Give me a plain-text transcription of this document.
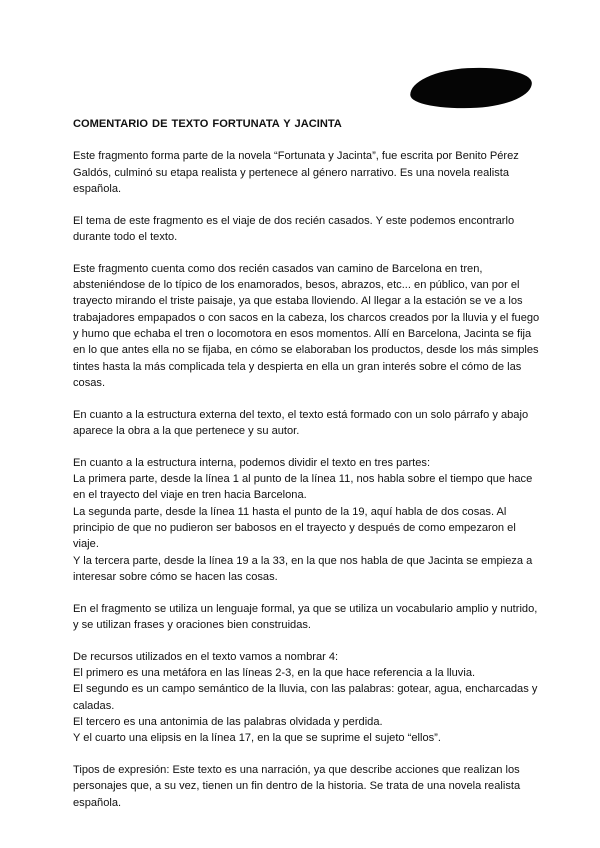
COMENTARIO DE TEXTO FORTUNATA Y JACINTA

Este fragmento forma parte de la novela “Fortunata y Jacinta”, fue escrita por Benito Pérez Galdós, culminó su etapa realista y pertenece al género narrativo. Es una novela realista española.

El tema de este fragmento es el viaje de dos recién casados. Y este podemos encontrarlo durante todo el texto.

Este fragmento cuenta como dos recién casados van camino de Barcelona en tren, absteniéndose de lo típico de los enamorados, besos, abrazos, etc... en público, van por el trayecto mirando el triste paisaje, ya que estaba lloviendo. Al llegar a la estación se ve a los trabajadores empapados o con sacos en la cabeza, los charcos creados por la lluvia y el fuego y humo que echaba el tren o locomotora en esos momentos. Allí en Barcelona, Jacinta se fija en lo que antes ella no se fijaba, en cómo se elaboraban los productos, desde los más simples tintes hasta la más complicada tela y despierta en ella un gran interés sobre el cómo de las cosas.

En cuanto a la estructura externa del texto, el texto está formado con un solo párrafo y abajo aparece la obra a la que pertenece y su autor.

En cuanto a la estructura interna, podemos dividir el texto en tres partes:

La primera parte, desde la línea 1 al punto de la línea 11, nos habla sobre el tiempo que hace en el trayecto del viaje en tren hacia Barcelona.

La segunda parte, desde la línea 11 hasta el punto de la 19, aquí habla de dos cosas. Al principio de que no pudieron ser babosos en el trayecto y después de como empezaron el viaje.

Y la tercera parte, desde la línea 19 a la 33, en la que nos habla de que Jacinta se empieza a interesar sobre cómo se hacen las cosas.

En el fragmento se utiliza un lenguaje formal, ya que se utiliza un vocabulario amplio y nutrido, y se utilizan frases y oraciones bien construidas.

De recursos utilizados en el texto vamos a nombrar 4:

El primero es una metáfora en las líneas 2-3, en la que hace referencia a la lluvia.

El segundo es un campo semántico de la lluvia, con las palabras: gotear, agua, encharcadas y caladas.

El tercero es una antonimia de las palabras olvidada y perdida.

Y el cuarto una elipsis en la línea 17, en la que se suprime el sujeto “ellos”.

Tipos de expresión: Este texto es una narración, ya que describe acciones que realizan los personajes que, a su vez, tienen un fin dentro de la historia. Se trata de una novela realista española.
